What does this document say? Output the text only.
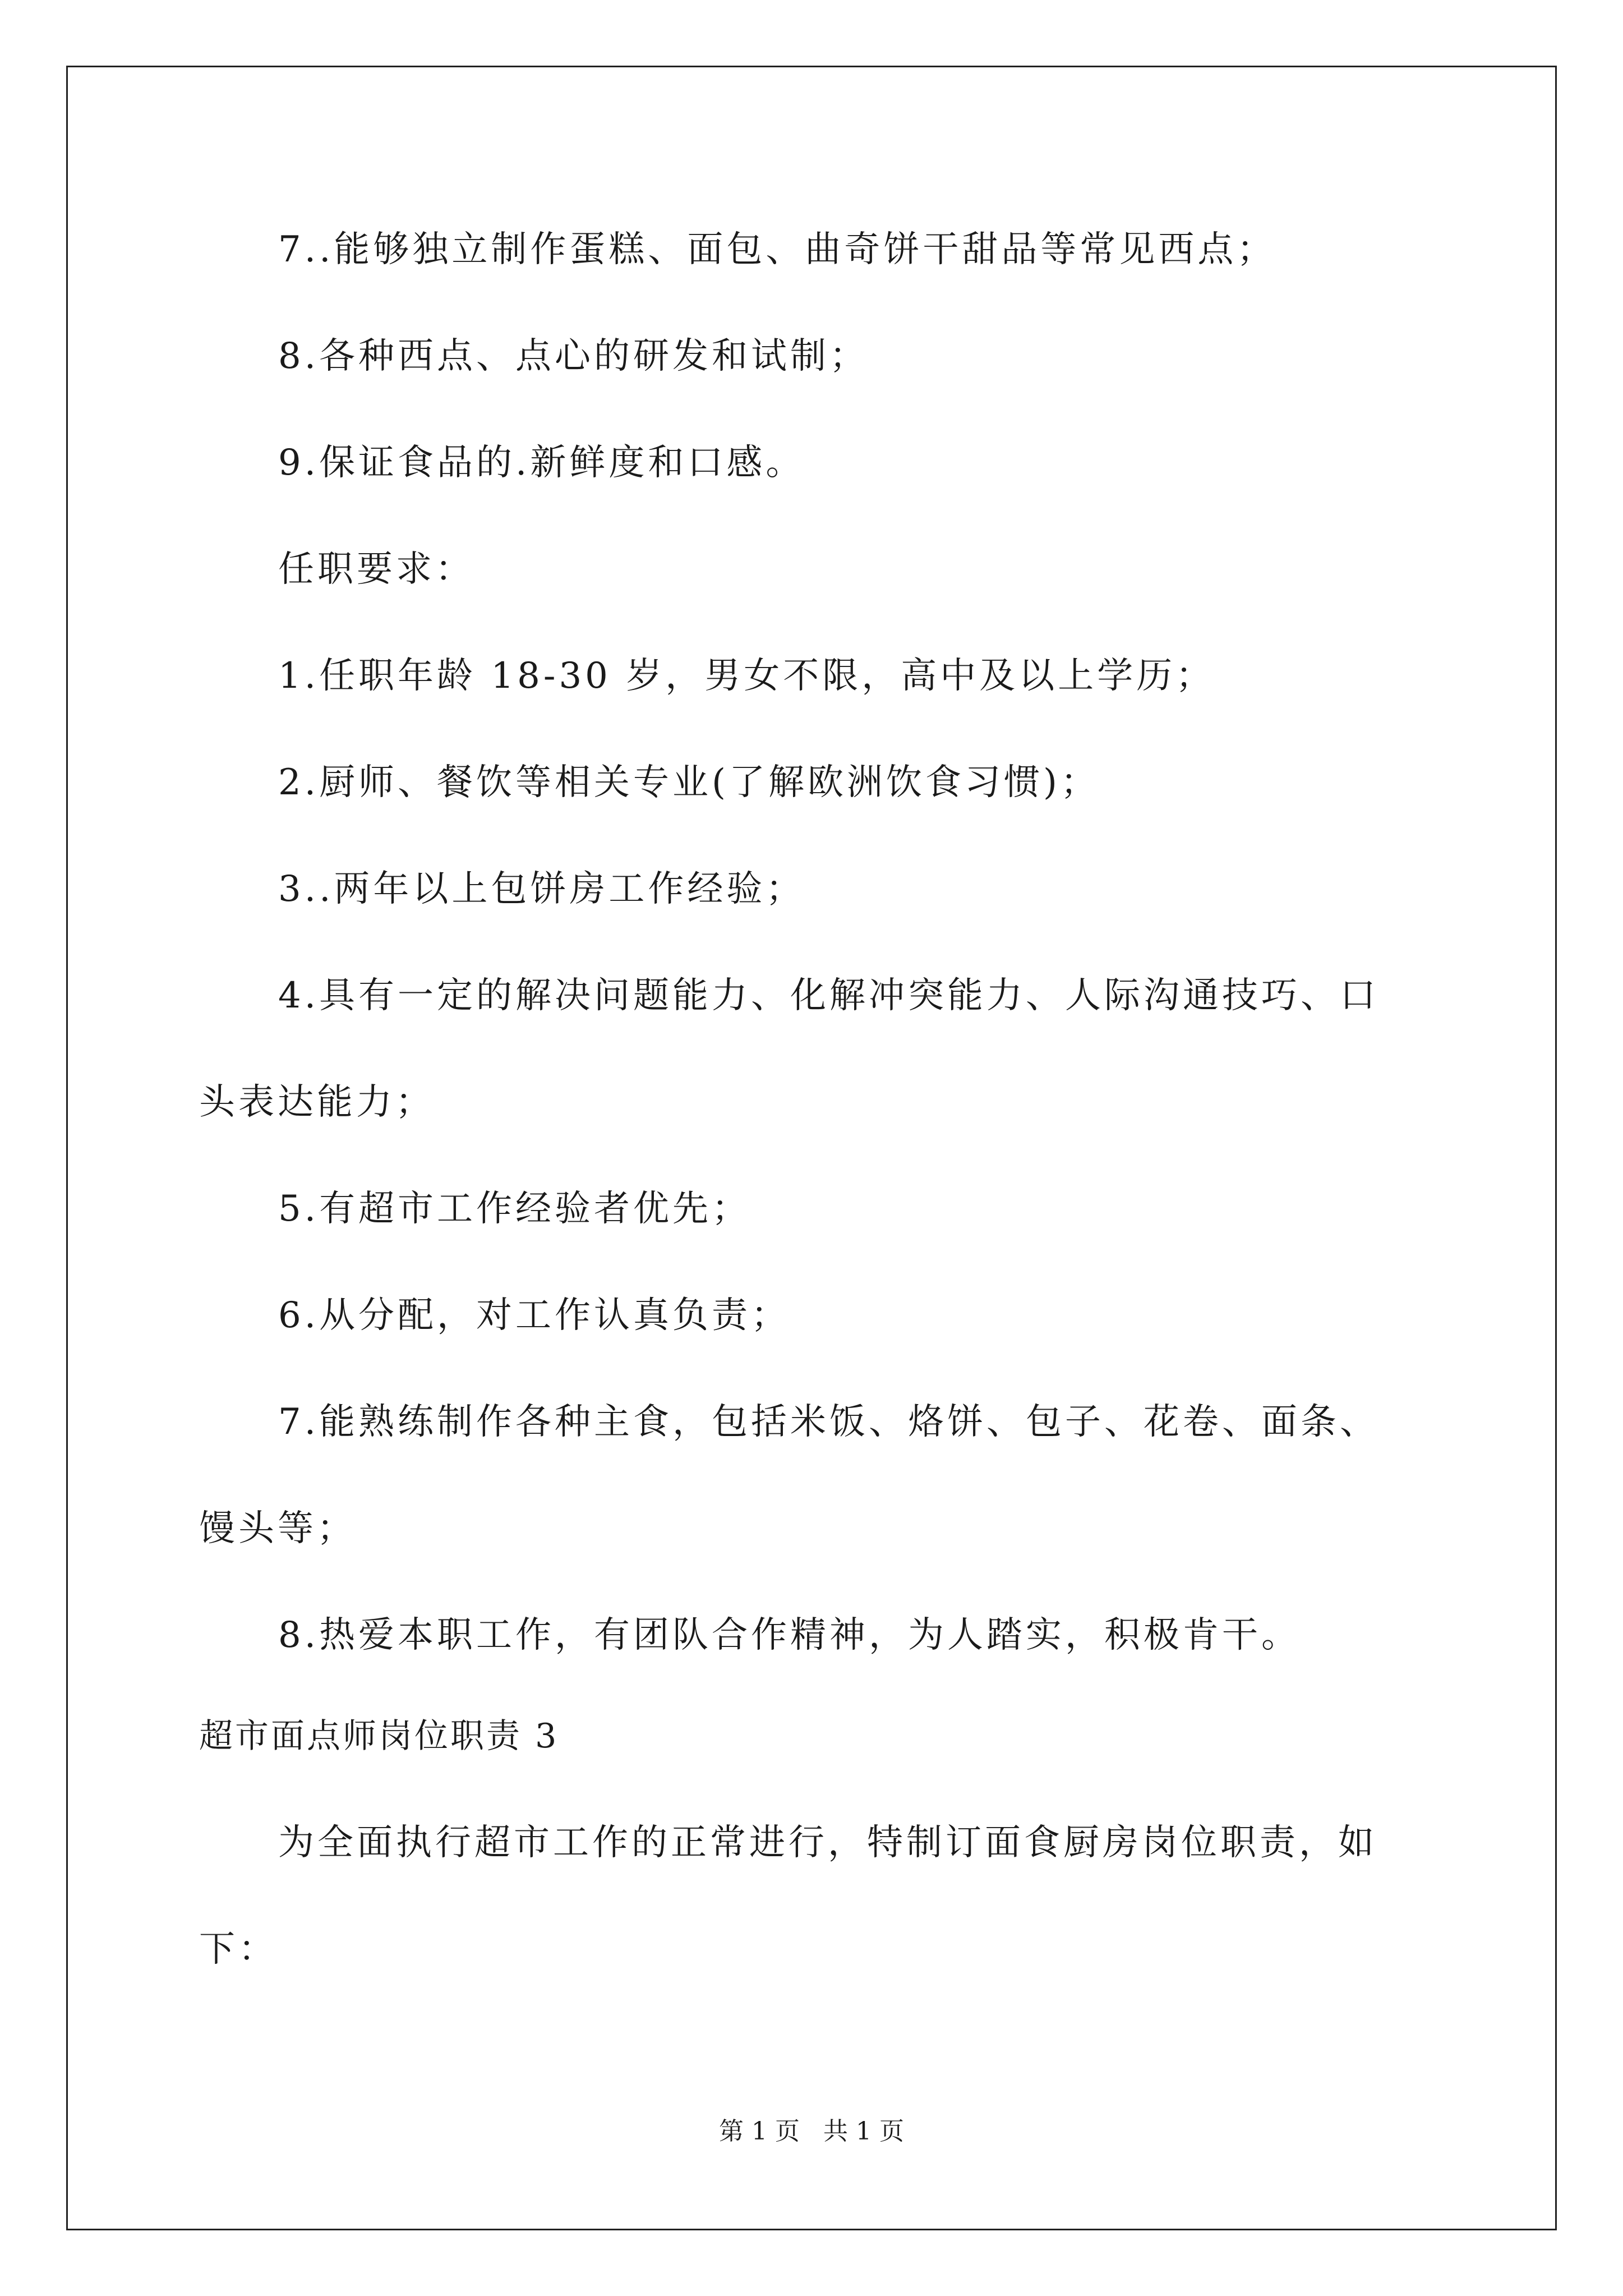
7..能够独立制作蛋糕、面包、曲奇饼干甜品等常见西点；
8.各种西点、点心的研发和试制；
9.保证食品的.新鲜度和口感。
任职要求：
1.任职年龄 18-30 岁，男女不限，高中及以上学历；
2.厨师、餐饮等相关专业(了解欧洲饮食习惯)；
3..两年以上包饼房工作经验；
4.具有一定的解决问题能力、化解冲突能力、人际沟通技巧、口
头表达能力；
5.有超市工作经验者优先；
6.从分配，对工作认真负责；
7.能熟练制作各种主食，包括米饭、烙饼、包子、花卷、面条、
馒头等；
8.热爱本职工作，有团队合作精神，为人踏实，积极肯干。
超市面点师岗位职责 3
为全面执行超市工作的正常进行，特制订面食厨房岗位职责，如
下：
第 1 页   共 1 页
